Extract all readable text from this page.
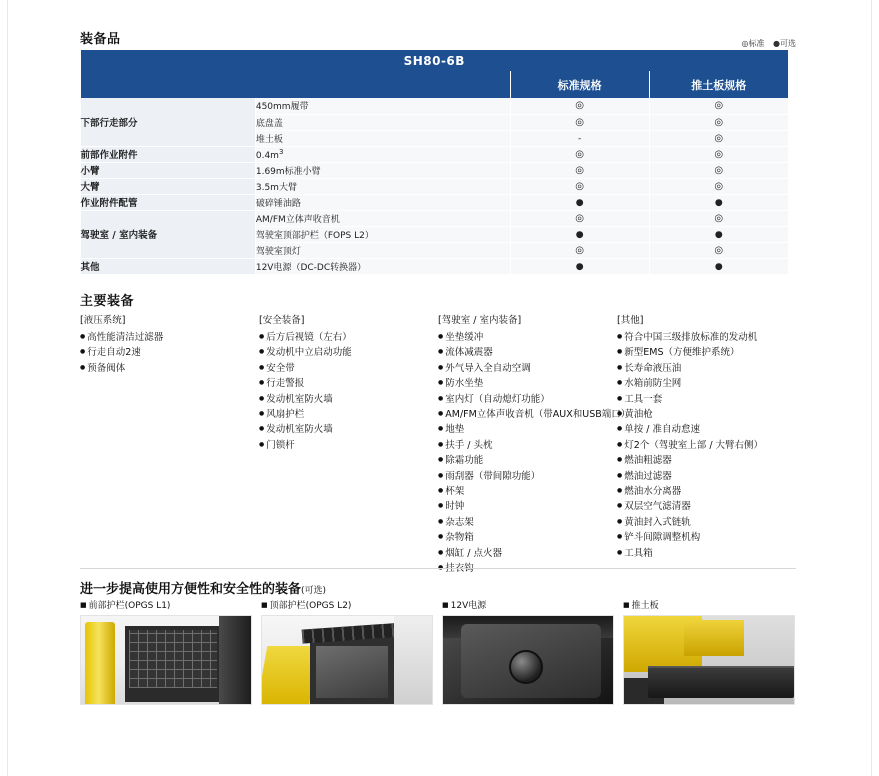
装备品	◎标准 ●可选
SH80-6B			
		标准规格	推土板规格
下部行走部分	450mm履带	◎	◎
	底盘盖	◎	◎
	堆土板	-	◎
前部作业附件	$0.4m^3$	◎	◎
小臂	1.69m标准小臂	◎	◎
大臂	3.5m大臂	◎	◎
作业附件配管	破碎锤油路	●	●
驾驶室 / 室内装备	AM/FM立体声收音机	◎	◎
	驾驶室顶部护栏（FOPS L2）	●	●
	驾驶室顶灯	◎	◎
其他	12V电源（DC-DC转换器）	●	●
主要装备
[液压系统]
● 高性能清洁过滤器
● 行走自动2速
● 预备阀体
[安全装备]
● 后方后视镜（左右）
● 发动机中立启动功能
● 安全带
● 行走警报
● 发动机室防火墙
● 风扇护栏
● 发动机室防火墙
● 门锁杆
[驾驶室 / 室内装备]
● 坐垫缓冲
● 流体减震器
● 外气导入全自动空调
● 防水坐垫
● 室内灯（自动熄灯功能）
● AM/FM立体声收音机（带AUX和USB端口）
● 地垫
● 扶手 / 头枕
● 除霜功能
● 雨刮器（带间隙功能）
● 杯架
● 时钟
● 杂志架
● 杂物箱
● 烟缸 / 点火器
●
[其他]
● 符合中国三级排放标准的发动机
● 新型EMS（方便维护系统）
● 长寿命液压油
● 水箱前防尘网
● 工具一套
● 黄油枪
● 单按 / 准自动怠速
● 灯2个（驾驶室上部 / 大臂右侧）
● 燃油粗滤器
● 燃油过滤器
● 燃油水分离器
● 双层空气滤清器
● 黄油封入式链轨
● 铲斗间隙调整机构
● 工具箱
进一步提高使用方便性和安全性的装备(可选)
■ 前部护栏(OPGS L1)	■ 顶部护栏(OPGS L2)	■ 12V电源	■ 推土板
